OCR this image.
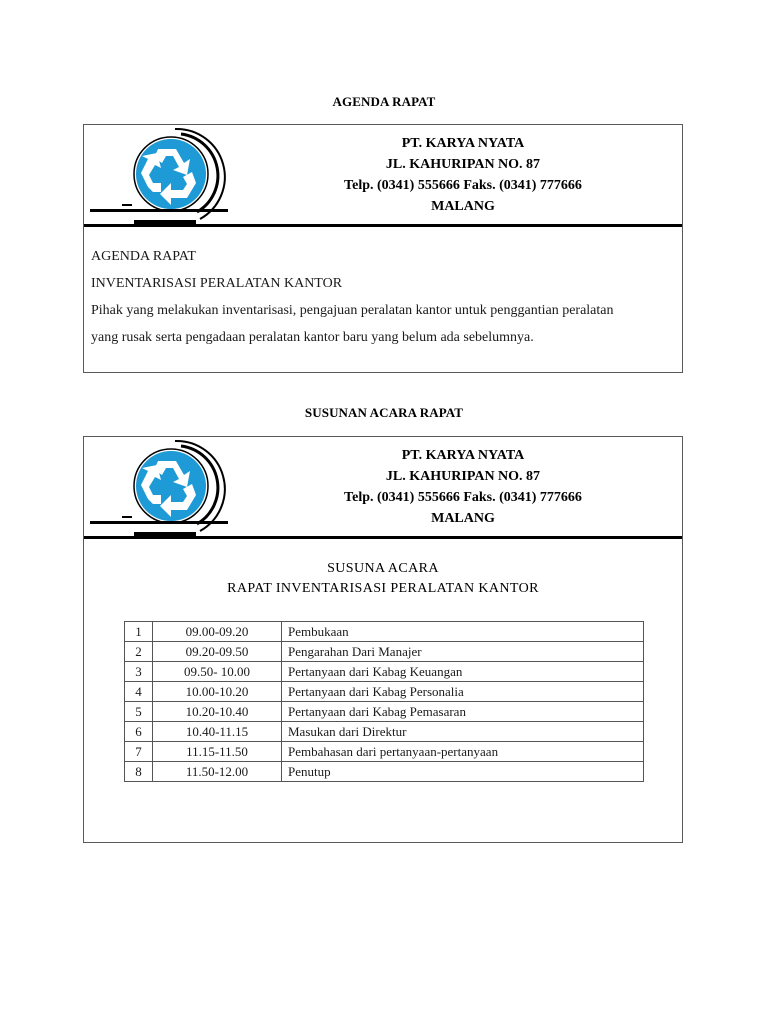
AGENDA RAPAT
PT. KARYA NYATA
JL. KAHURIPAN NO. 87
Telp. (0341) 555666 Faks. (0341) 777666
MALANG

AGENDA RAPAT

INVENTARISASI PERALATAN KANTOR

Pihak yang melakukan inventarisasi, pengajuan peralatan kantor untuk penggantian peralatan

yang rusak serta pengadaan peralatan kantor baru yang belum ada sebelumnya.

SUSUNAN ACARA RAPAT
PT. KARYA NYATA
JL. KAHURIPAN NO. 87
Telp. (0341) 555666 Faks. (0341) 777666
MALANG

SUSUNA ACARA

RAPAT INVENTARISASI PERALATAN KANTOR

1	09.00-09.20	Pembukaan
2	09.20-09.50	Pengarahan Dari Manajer
3	09.50- 10.00	Pertanyaan dari Kabag Keuangan
4	10.00-10.20	Pertanyaan dari Kabag Personalia
5	10.20-10.40	Pertanyaan dari Kabag Pemasaran
6	10.40-11.15	Masukan dari Direktur
7	11.15-11.50	Pembahasan dari pertanyaan-pertanyaan
8	11.50-12.00	Penutup
